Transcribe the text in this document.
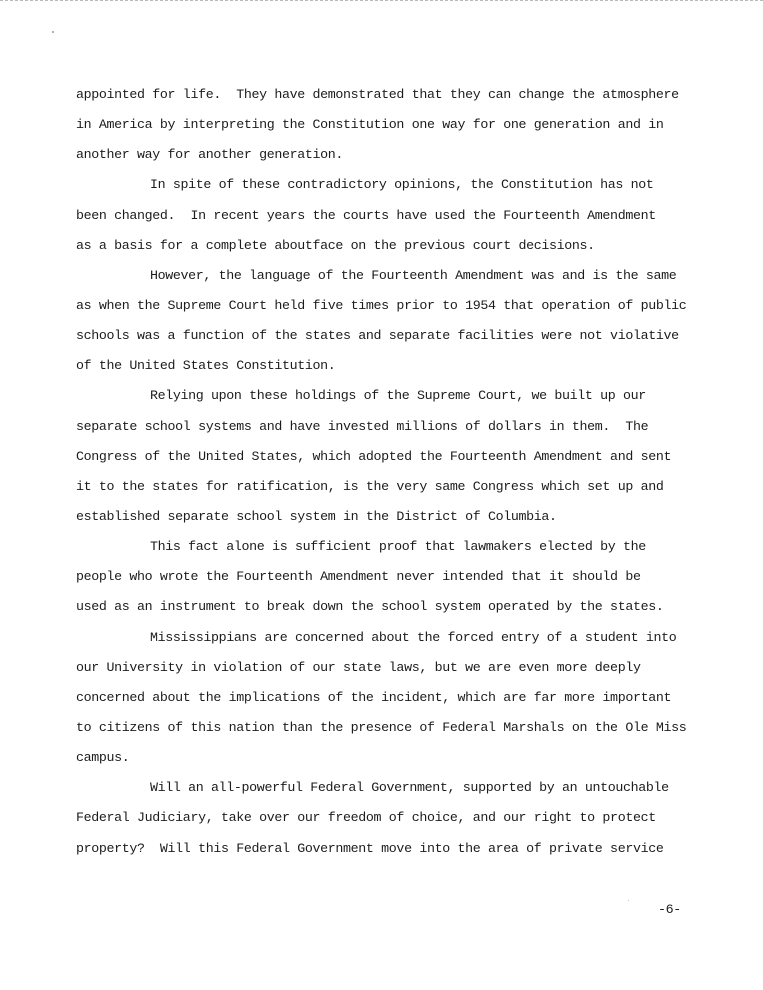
appointed for life.  They have demonstrated that they can change the atmosphere
in America by interpreting the Constitution one way for one generation and in
another way for another generation.
In spite of these contradictory opinions, the Constitution has not
been changed.  In recent years the courts have used the Fourteenth Amendment
as a basis for a complete aboutface on the previous court decisions.
However, the language of the Fourteenth Amendment was and is the same
as when the Supreme Court held five times prior to 1954 that operation of public
schools was a function of the states and separate facilities were not violative
of the United States Constitution.
Relying upon these holdings of the Supreme Court, we built up our
separate school systems and have invested millions of dollars in them.  The
Congress of the United States, which adopted the Fourteenth Amendment and sent
it to the states for ratification, is the very same Congress which set up and
established separate school system in the District of Columbia.
This fact alone is sufficient proof that lawmakers elected by the
people who wrote the Fourteenth Amendment never intended that it should be
used as an instrument to break down the school system operated by the states.
Mississippians are concerned about the forced entry of a student into
our University in violation of our state laws, but we are even more deeply
concerned about the implications of the incident, which are far more important
to citizens of this nation than the presence of Federal Marshals on the Ole Miss
campus.
Will an all-powerful Federal Government, supported by an untouchable
Federal Judiciary, take over our freedom of choice, and our right to protect
property?  Will this Federal Government move into the area of private service
-6-
